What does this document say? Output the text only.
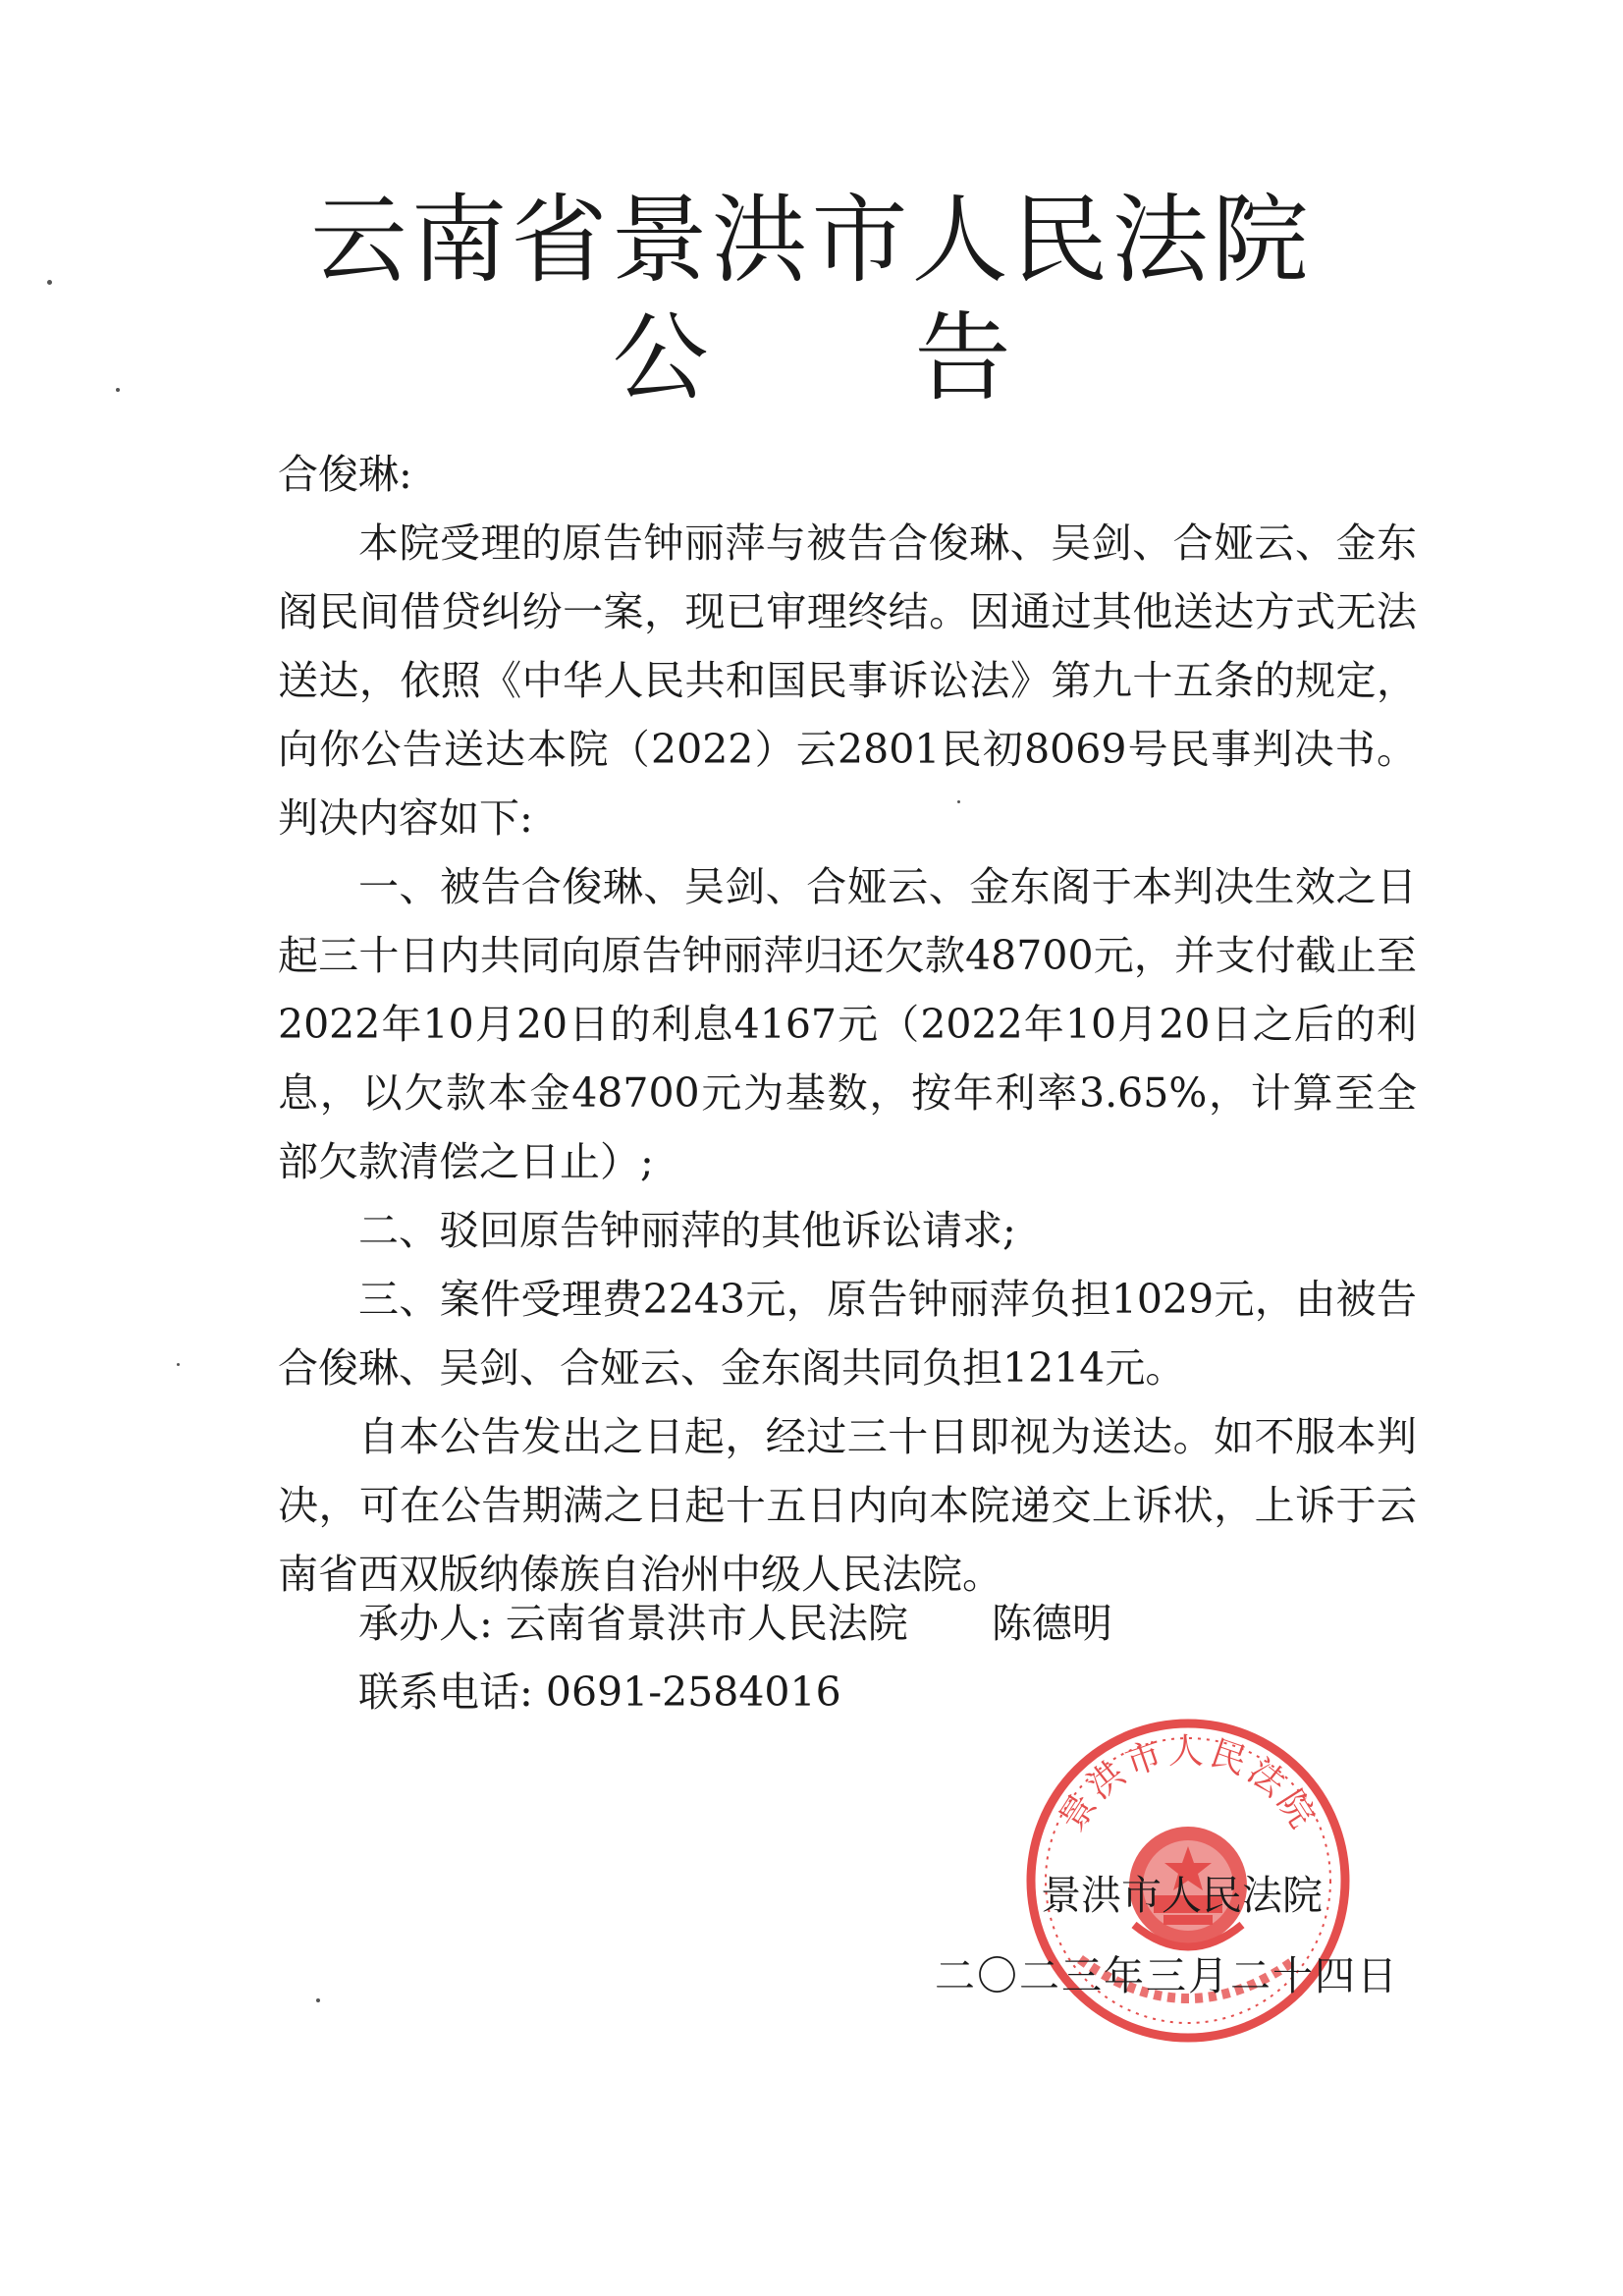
云南省景洪市人民法院
公 告

合俊琳:

本院受理的原告钟丽萍与被告合俊琳、吴剑、合娅云、金东阁民间借贷纠纷一案，现已审理终结。因通过其他送达方式无法送达，依照《中华人民共和国民事诉讼法》第九十五条的规定，向你公告送达本院（2022）云2801民初8069号民事判决书。判决内容如下:

一、被告合俊琳、吴剑、合娅云、金东阁于本判决生效之日起三十日内共同向原告钟丽萍归还欠款48700元，并支付截止至2022年10月20日的利息4167元（2022年10月20日之后的利息，以欠款本金48700元为基数，按年利率3.65%，计算至全部欠款清偿之日止）;

二、驳回原告钟丽萍的其他诉讼请求;

三、案件受理费2243元，原告钟丽萍负担1029元，由被告合俊琳、吴剑、合娅云、金东阁共同负担1214元。

自本公告发出之日起，经过三十日即视为送达。如不服本判决，可在公告期满之日起十五日内向本院递交上诉状，上诉于云南省西双版纳傣族自治州中级人民法院。

承办人: 云南省景洪市人民法院 陈德明
联系电话: 0691-2584016
景洪市人民法院
景洪市人民法院
二〇二三年三月二十四日
